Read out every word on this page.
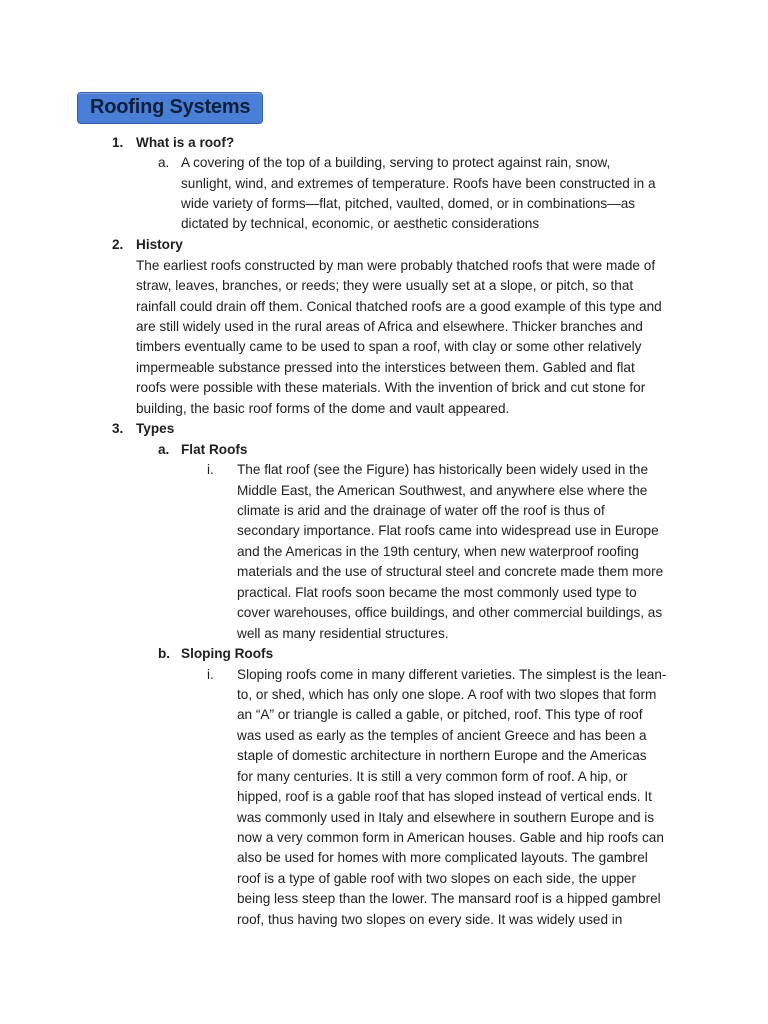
Roofing Systems
1. What is a roof?
a. A covering of the top of a building, serving to protect against rain, snow,
sunlight, wind, and extremes of temperature. Roofs have been constructed in a
wide variety of forms—flat, pitched, vaulted, domed, or in combinations—as
dictated by technical, economic, or aesthetic considerations
2. History
The earliest roofs constructed by man were probably thatched roofs that were made of
straw, leaves, branches, or reeds; they were usually set at a slope, or pitch, so that
rainfall could drain off them. Conical thatched roofs are a good example of this type and
are still widely used in the rural areas of Africa and elsewhere. Thicker branches and
timbers eventually came to be used to span a roof, with clay or some other relatively
impermeable substance pressed into the interstices between them. Gabled and flat
roofs were possible with these materials. With the invention of brick and cut stone for
building, the basic roof forms of the dome and vault appeared.
3. Types
a. Flat Roofs
i. The flat roof (see the Figure) has historically been widely used in the
Middle East, the American Southwest, and anywhere else where the
climate is arid and the drainage of water off the roof is thus of
secondary importance. Flat roofs came into widespread use in Europe
and the Americas in the 19th century, when new waterproof roofing
materials and the use of structural steel and concrete made them more
practical. Flat roofs soon became the most commonly used type to
cover warehouses, office buildings, and other commercial buildings, as
well as many residential structures.
b. Sloping Roofs
i. Sloping roofs come in many different varieties. The simplest is the lean-
to, or shed, which has only one slope. A roof with two slopes that form
an “A” or triangle is called a gable, or pitched, roof. This type of roof
was used as early as the temples of ancient Greece and has been a
staple of domestic architecture in northern Europe and the Americas
for many centuries. It is still a very common form of roof. A hip, or
hipped, roof is a gable roof that has sloped instead of vertical ends. It
was commonly used in Italy and elsewhere in southern Europe and is
now a very common form in American houses. Gable and hip roofs can
also be used for homes with more complicated layouts. The gambrel
roof is a type of gable roof with two slopes on each side, the upper
being less steep than the lower. The mansard roof is a hipped gambrel
roof, thus having two slopes on every side. It was widely used in
